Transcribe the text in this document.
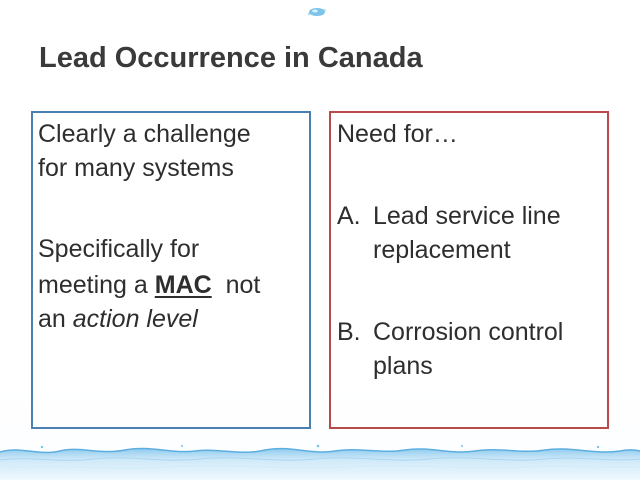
Lead Occurrence in Canada
Clearly a challenge
for many systems
Specifically for
meeting a MAC not
an action level
Need for…
A. Lead service line
replacement
B. Corrosion control
plans
